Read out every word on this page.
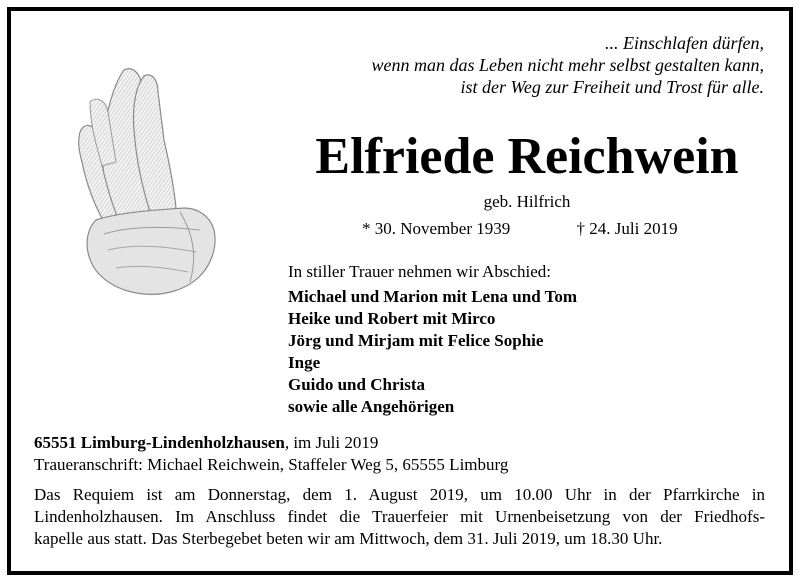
... Einschlafen dürfen,
wenn man das Leben nicht mehr selbst gestalten kann,
ist der Weg zur Freiheit und Trost für alle.
Elfriede Reichwein
geb. Hilfrich
* 30. November 1939	† 24. Juli 2019
In stiller Trauer nehmen wir Abschied:
Michael und Marion mit Lena und Tom
Heike und Robert mit Mirco
Jörg und Mirjam mit Felice Sophie
Inge
Guido und Christa
sowie alle Angehörigen
65551 Limburg-Lindenholzhausen, im Juli 2019
Traueranschrift: Michael Reichwein, Staffeler Weg 5, 65555 Limburg
Das Requiem ist am Donnerstag, dem 1. August 2019, um 10.00 Uhr in der Pfarrkirche in
Lindenholzhausen. Im Anschluss findet die Trauerfeier mit Urnenbeisetzung von der Friedhofs-
kapelle aus statt. Das Sterbegebet beten wir am Mittwoch, dem 31. Juli 2019, um 18.30 Uhr.
